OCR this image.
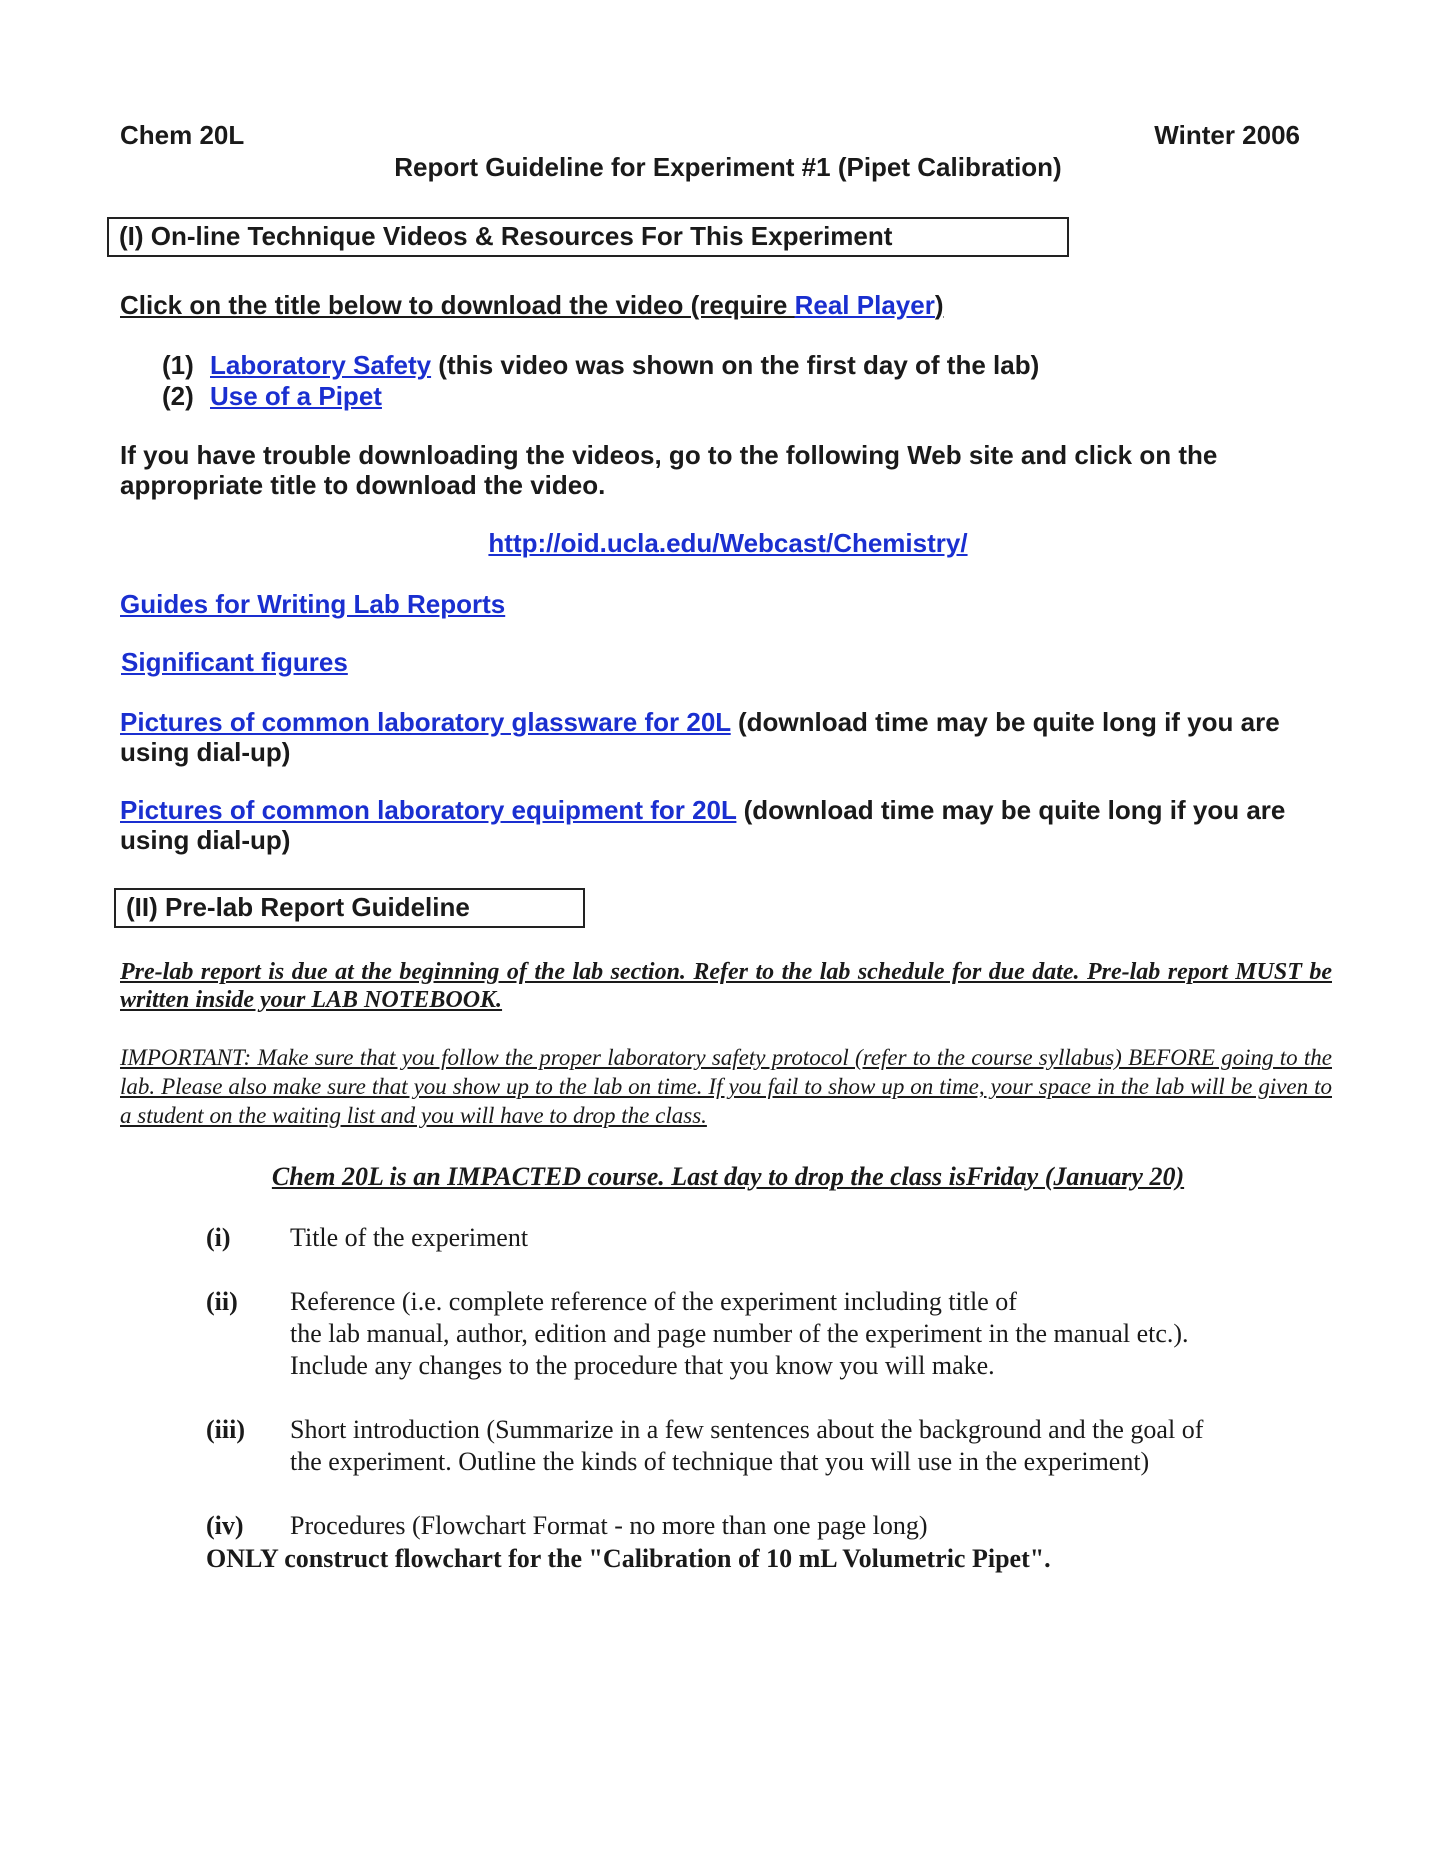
Chem 20L	Winter 2006
Report Guideline for Experiment #1 (Pipet Calibration)
(I) On-line Technique Videos & Resources For This Experiment
Click on the title below to download the video (require Real Player)
(1) Laboratory Safety (this video was shown on the first day of the lab)
(2) Use of a Pipet
If you have trouble downloading the videos, go to the following Web site and click on the appropriate title to download the video.
http://oid.ucla.edu/Webcast/Chemistry/
Guides for Writing Lab Reports
Significant figures
Pictures of common laboratory glassware for 20L (download time may be quite long if you are using dial-up)
Pictures of common laboratory equipment for 20L (download time may be quite long if you are using dial-up)
(II) Pre-lab Report Guideline
Pre-lab report is due at the beginning of the lab section. Refer to the lab schedule for due date. Pre-lab report MUST be written inside your LAB NOTEBOOK.
IMPORTANT: Make sure that you follow the proper laboratory safety protocol (refer to the course syllabus) BEFORE going to the lab. Please also make sure that you show up to the lab on time. If you fail to show up on time, your space in the lab will be given to a student on the waiting list and you will have to drop the class.
Chem 20L is an IMPACTED course. Last day to drop the class isFriday (January 20)
(i) Title of the experiment
(ii) Reference (i.e. complete reference of the experiment including title of
the lab manual, author, edition and page number of the experiment in the manual etc.).
Include any changes to the procedure that you know you will make.
(iii) Short introduction (Summarize in a few sentences about the background and the goal of
the experiment. Outline the kinds of technique that you will use in the experiment)
(iv) Procedures (Flowchart Format - no more than one page long)
ONLY construct flowchart for the "Calibration of 10 mL Volumetric Pipet".
